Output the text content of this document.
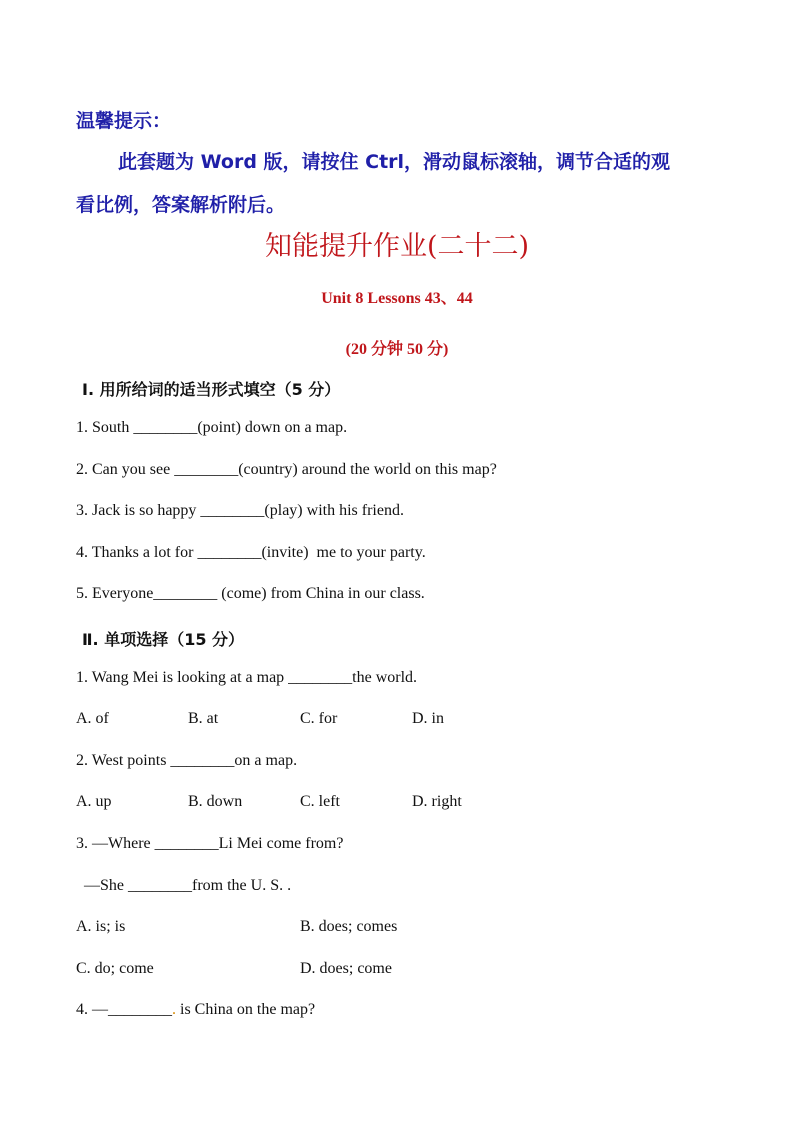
温馨提示：
此套题为 Word 版，请按住 Ctrl，滑动鼠标滚轴，调节合适的观
看比例，答案解析附后。
知能提升作业(二十二)
Unit 8 Lessons 43、44
(20 分钟 50 分)
Ⅰ. 用所给词的适当形式填空（5 分）
1. South ________(point) down on a map.
2. Can you see ________(country) around the world on this map?
3. Jack is so happy ________(play) with his friend.
4. Thanks a lot for ________(invite)  me to your party.
5. Everyone________ (come) from China in our class.
Ⅱ. 单项选择（15 分）
1. Wang Mei is looking at a map ________the world.
A. of	B. at	C. for	D. in
2. West points ________on a map.
A. up	B. down	C. left	D. right
3. —Where ________Li Mei come from?
—She ________from the U. S. .
A. is; is	B. does; comes
C. do; come	D. does; come
4. —________. is China on the map?
